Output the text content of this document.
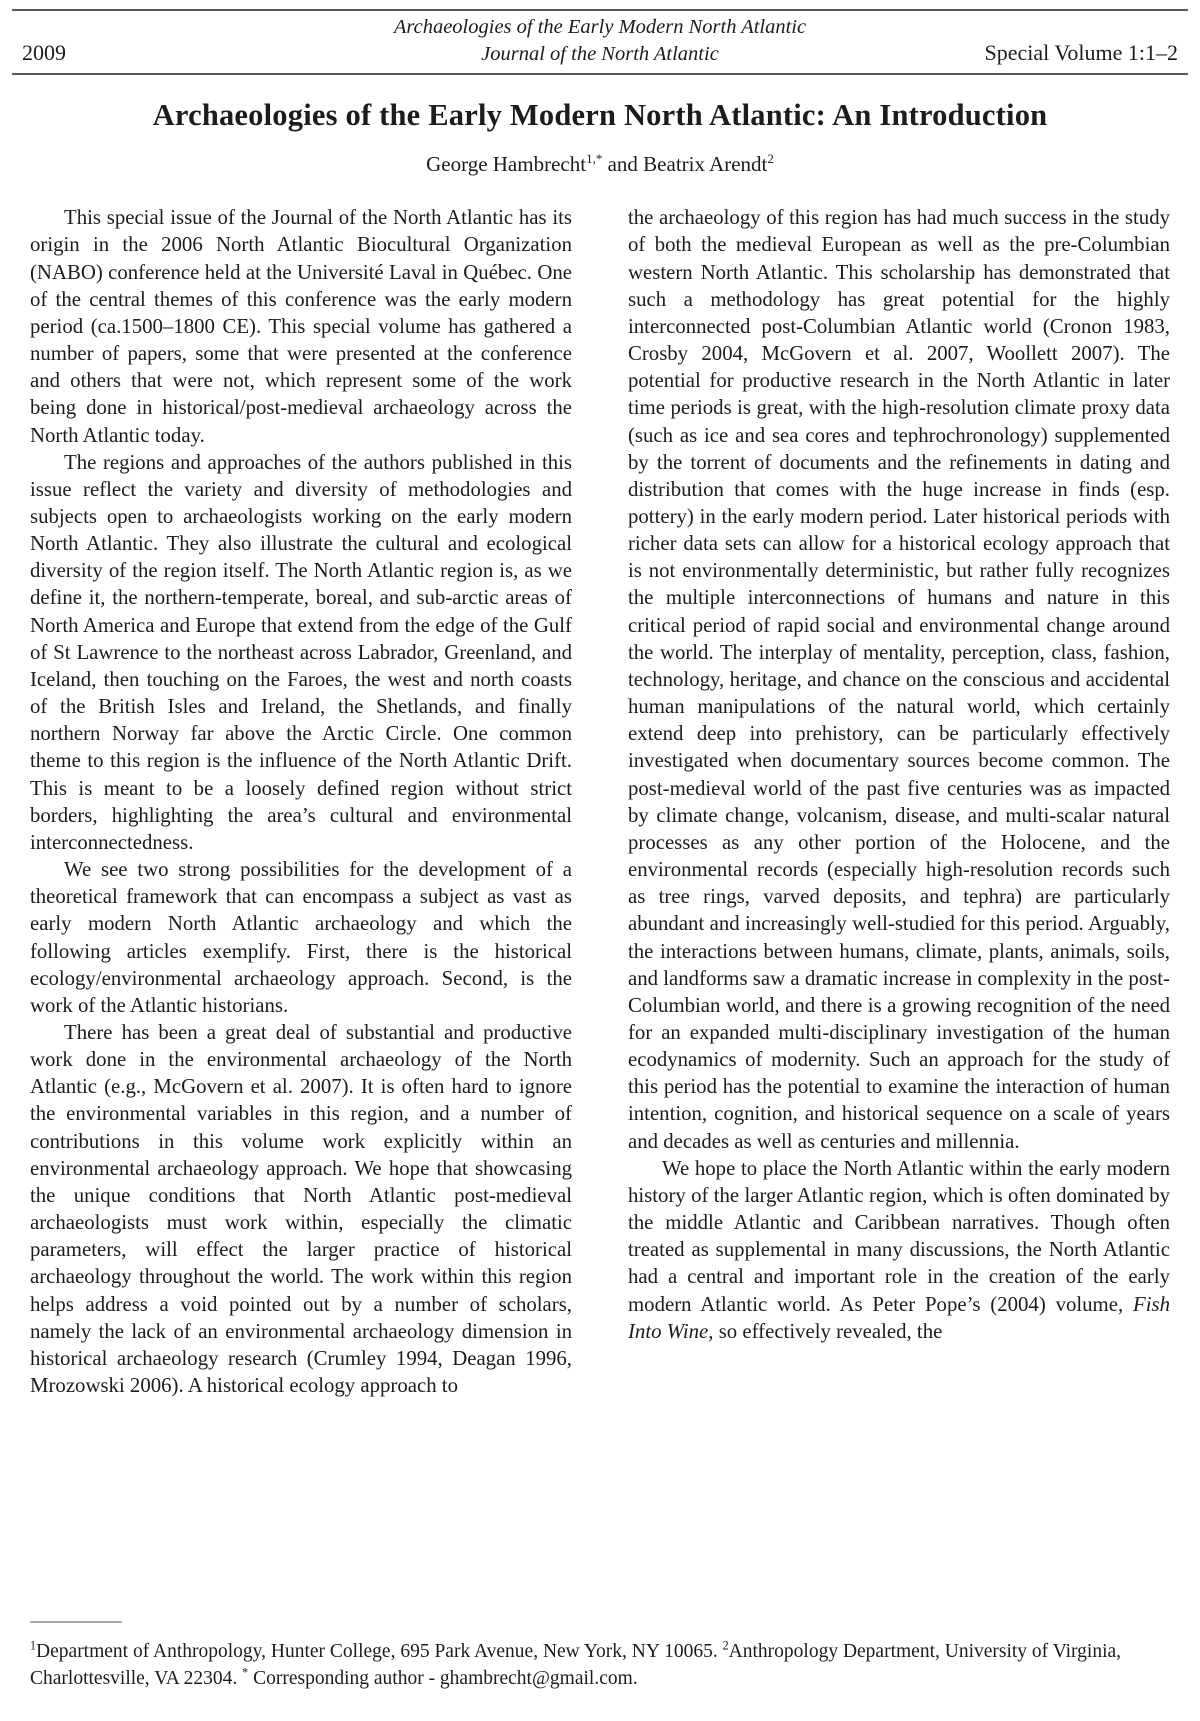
2009
Archaeologies of the Early Modern North Atlantic
Journal of the North Atlantic	Special Volume 1:1–2
Archaeologies of the Early Modern North Atlantic: An Introduction
George Hambrecht$^{1,*}$ and Beatrix Arendt$^2$

This special issue of the Journal of the North Atlantic has its origin in the 2006 North Atlantic Biocultural Organization (NABO) conference held at the Université Laval in Québec. One of the central themes of this conference was the early modern period (ca.1500–1800 CE). This special volume has gathered a number of papers, some that were presented at the conference and others that were not, which represent some of the work being done in historical/post-medieval archaeology across the North Atlantic today.

The regions and approaches of the authors published in this issue reflect the variety and diversity of methodologies and subjects open to archaeologists working on the early modern North Atlantic. They also illustrate the cultural and ecological diversity of the region itself. The North Atlantic region is, as we define it, the northern-temperate, boreal, and sub-arctic areas of North America and Europe that extend from the edge of the Gulf of St Lawrence to the northeast across Labrador, Greenland, and Iceland, then touching on the Faroes, the west and north coasts of the British Isles and Ireland, the Shetlands, and finally northern Norway far above the Arctic Circle. One common theme to this region is the influence of the North Atlantic Drift. This is meant to be a loosely defined region without strict borders, highlighting the area’s cultural and environmental interconnectedness.

We see two strong possibilities for the development of a theoretical framework that can encompass a subject as vast as early modern North Atlantic archaeology and which the following articles exemplify. First, there is the historical ecology/environmental archaeology approach. Second, is the work of the Atlantic historians.

There has been a great deal of substantial and productive work done in the environmental archaeology of the North Atlantic (e.g., McGovern et al. 2007). It is often hard to ignore the environmental variables in this region, and a number of contributions in this volume work explicitly within an environmental archaeology approach. We hope that showcasing the unique conditions that North Atlantic post-medieval archaeologists must work within, especially the climatic parameters, will effect the larger practice of historical archaeology throughout the world. The work within this region helps address a void pointed out by a number of scholars, namely the lack of an environmental archaeology dimension in historical archaeology research (Crumley 1994, Deagan 1996, Mrozowski 2006). A historical ecology approach to

the archaeology of this region has had much success in the study of both the medieval European as well as the pre-Columbian western North Atlantic. This scholarship has demonstrated that such a methodology has great potential for the highly interconnected post-Columbian Atlantic world (Cronon 1983, Crosby 2004, McGovern et al. 2007, Woollett 2007). The potential for productive research in the North Atlantic in later time periods is great, with the high-resolution climate proxy data (such as ice and sea cores and tephrochronology) supplemented by the torrent of documents and the refinements in dating and distribution that comes with the huge increase in finds (esp. pottery) in the early modern period. Later historical periods with richer data sets can allow for a historical ecology approach that is not environmentally deterministic, but rather fully recognizes the multiple interconnections of humans and nature in this critical period of rapid social and environmental change around the world. The interplay of mentality, perception, class, fashion, technology, heritage, and chance on the conscious and accidental human manipulations of the natural world, which certainly extend deep into prehistory, can be particularly effectively investigated when documentary sources become common. The post-medieval world of the past five centuries was as impacted by climate change, volcanism, disease, and multi-scalar natural processes as any other portion of the Holocene, and the environmental records (especially high-resolution records such as tree rings, varved deposits, and tephra) are particularly abundant and increasingly well-studied for this period. Arguably, the interactions between humans, climate, plants, animals, soils, and landforms saw a dramatic increase in complexity in the post-Columbian world, and there is a growing recognition of the need for an expanded multi-disciplinary investigation of the human ecodynamics of modernity. Such an approach for the study of this period has the potential to examine the interaction of human intention, cognition, and historical sequence on a scale of years and decades as well as centuries and millennia.

We hope to place the North Atlantic within the early modern history of the larger Atlantic region, which is often dominated by the middle Atlantic and Caribbean narratives. Though often treated as supplemental in many discussions, the North Atlantic had a central and important role in the creation of the early modern Atlantic world. As Peter Pope’s (2004) volume, Fish Into Wine, so effectively revealed, the

$^1$Department of Anthropology, Hunter College, 695 Park Avenue, New York, NY 10065. $^2$Anthropology Department, University of Virginia, Charlottesville, VA 22304. * Corresponding author - ghambrecht@gmail.com.
